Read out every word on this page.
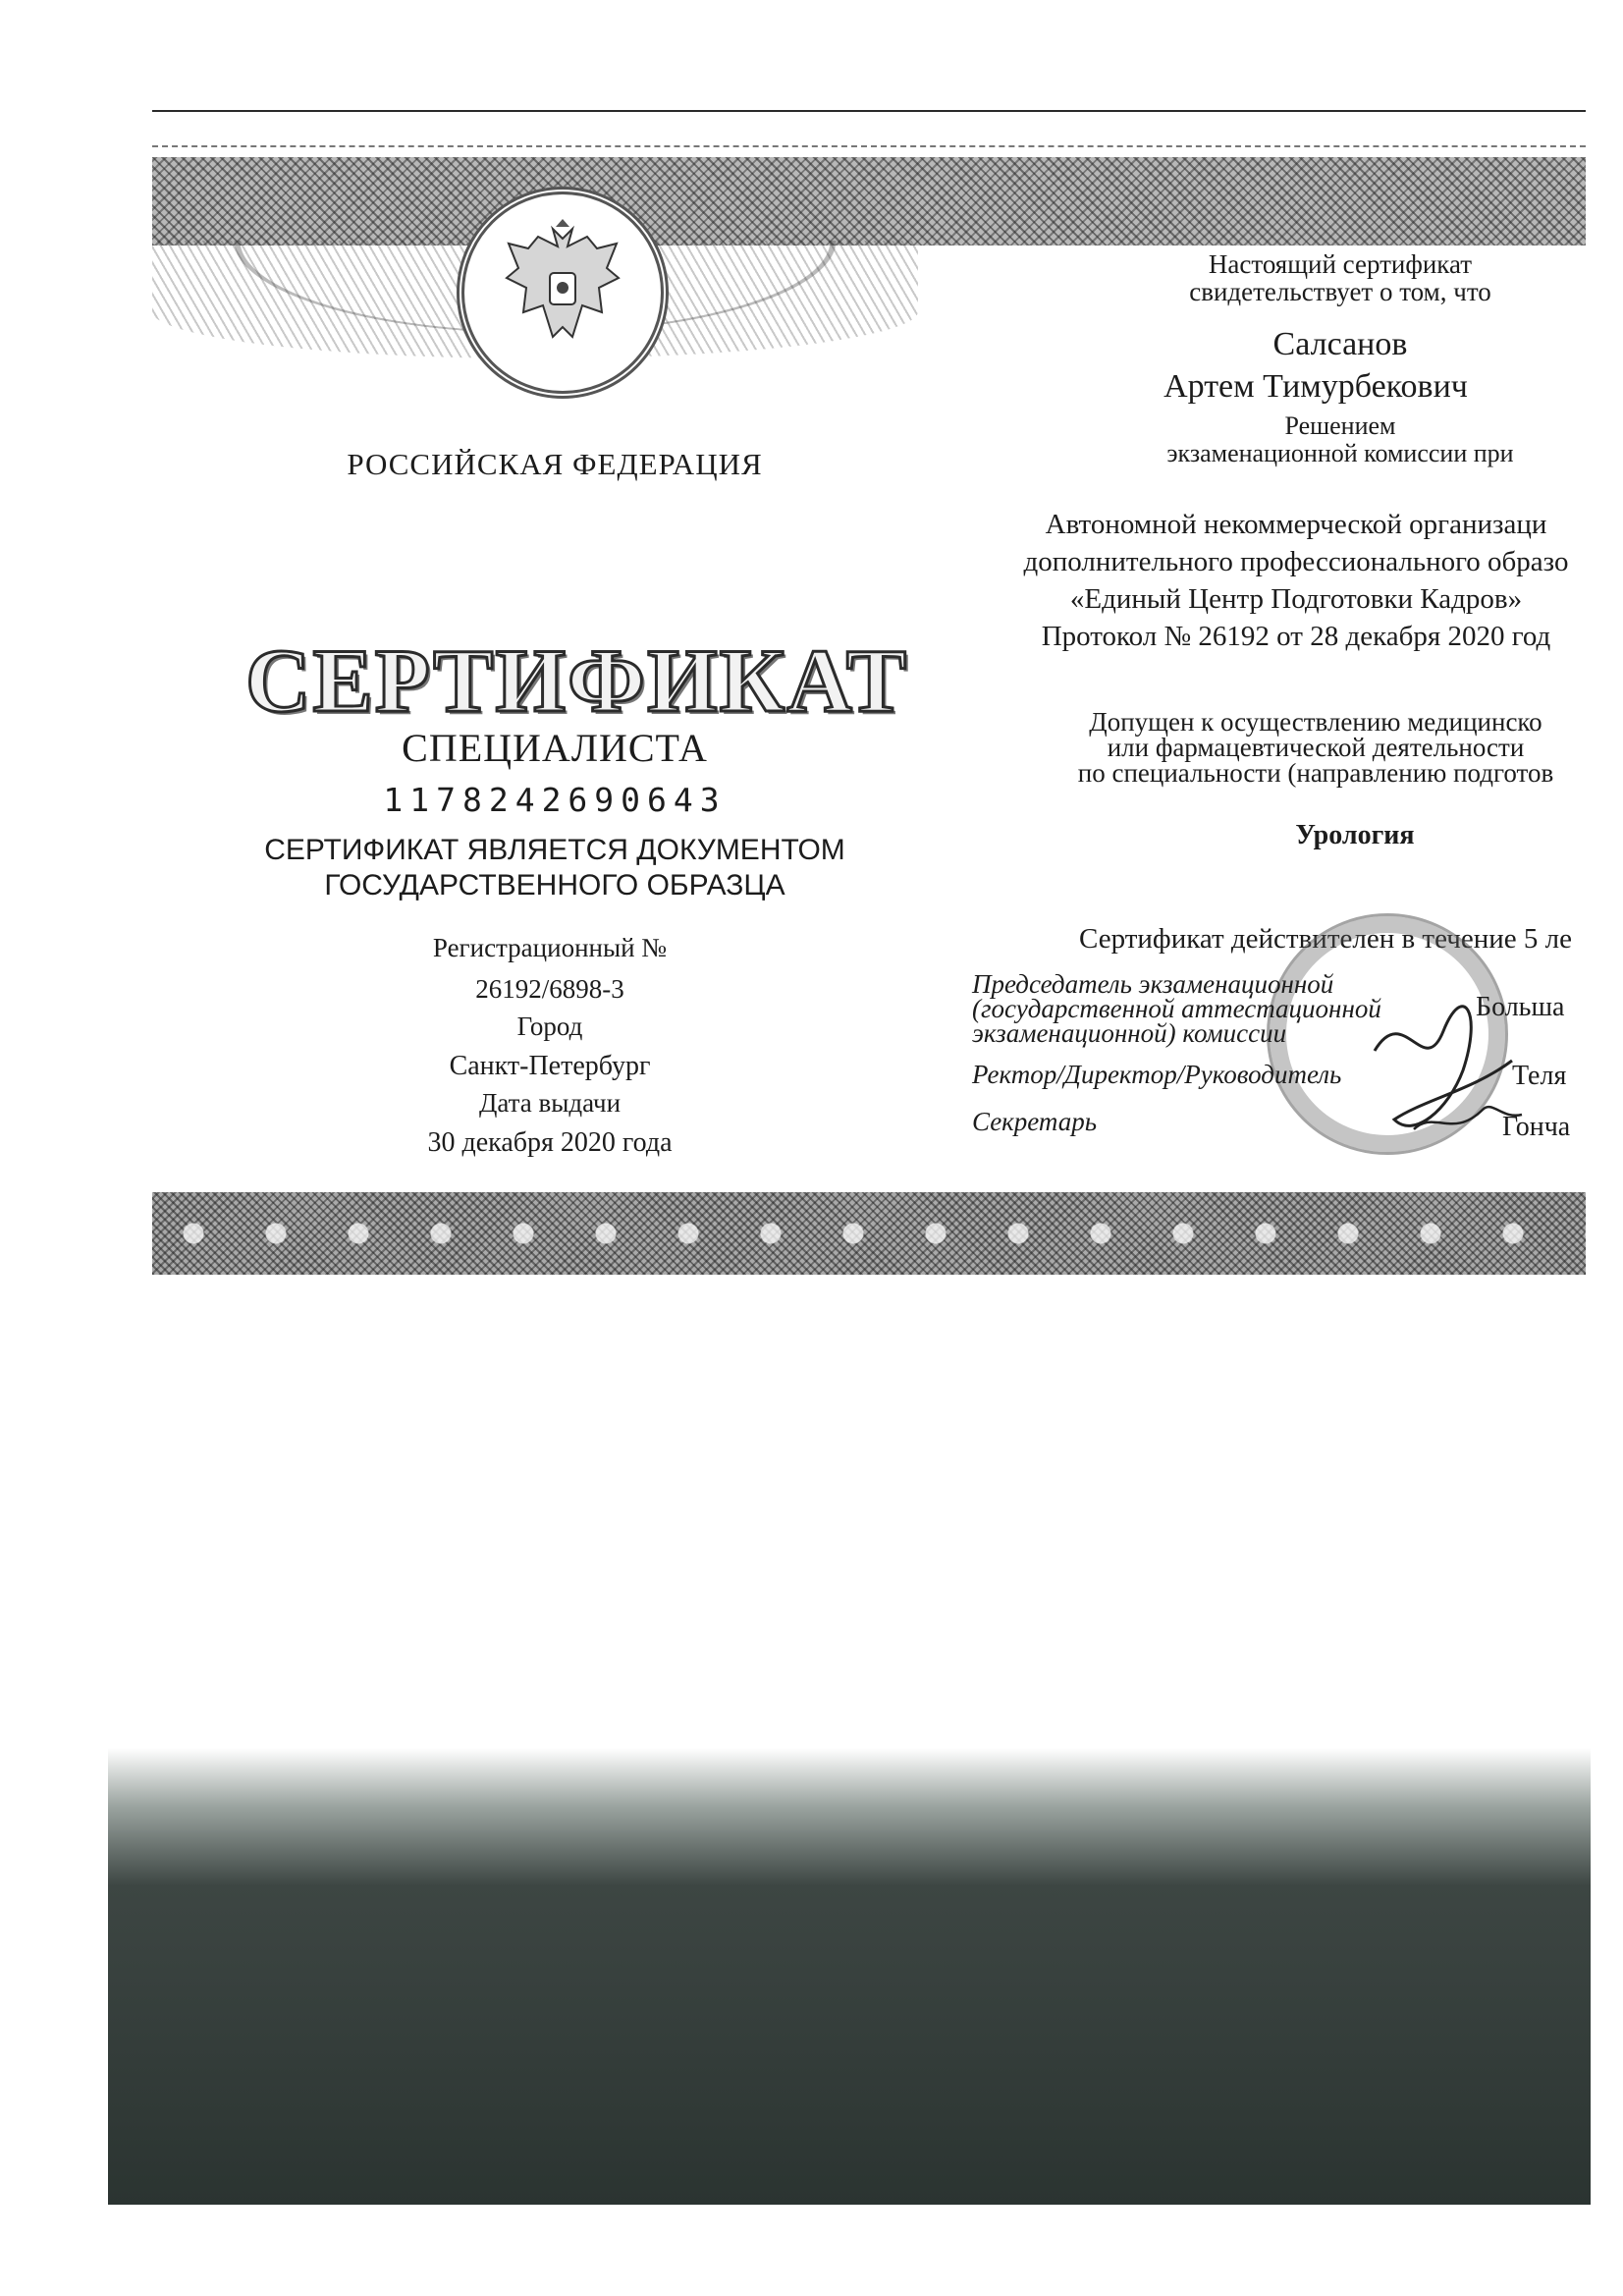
РОССИЙСКАЯ ФЕДЕРАЦИЯ
СЕРТИФИКАТ
СПЕЦИАЛИСТА
1178242690643
СЕРТИФИКАТ ЯВЛЯЕТСЯ ДОКУМЕНТОМ
ГОСУДАРСТВЕННОГО ОБРАЗЦА
Регистрационный №
26192/6898-3
Город
Санкт-Петербург
Дата выдачи
30 декабря 2020 года
Настоящий сертификат
свидетельствует о том, что
Салсанов
Артем Тимурбекович
Решением
экзаменационной комиссии при
Автономной некоммерческой организаци
дополнительного профессионального образо
«Единый Центр Подготовки Кадров»
Протокол № 26192 от 28 декабря 2020 год
Допущен к осуществлению медицинско
или фармацевтической деятельности
по специальности (направлению подготов
Урология
Сертификат действителен в течение 5 ле
Председатель экзаменационной
(государственной аттестационной
экзаменационной) комиссии
Больша
Ректор/Директор/Руководитель	Теля
Секретарь	Гонча
